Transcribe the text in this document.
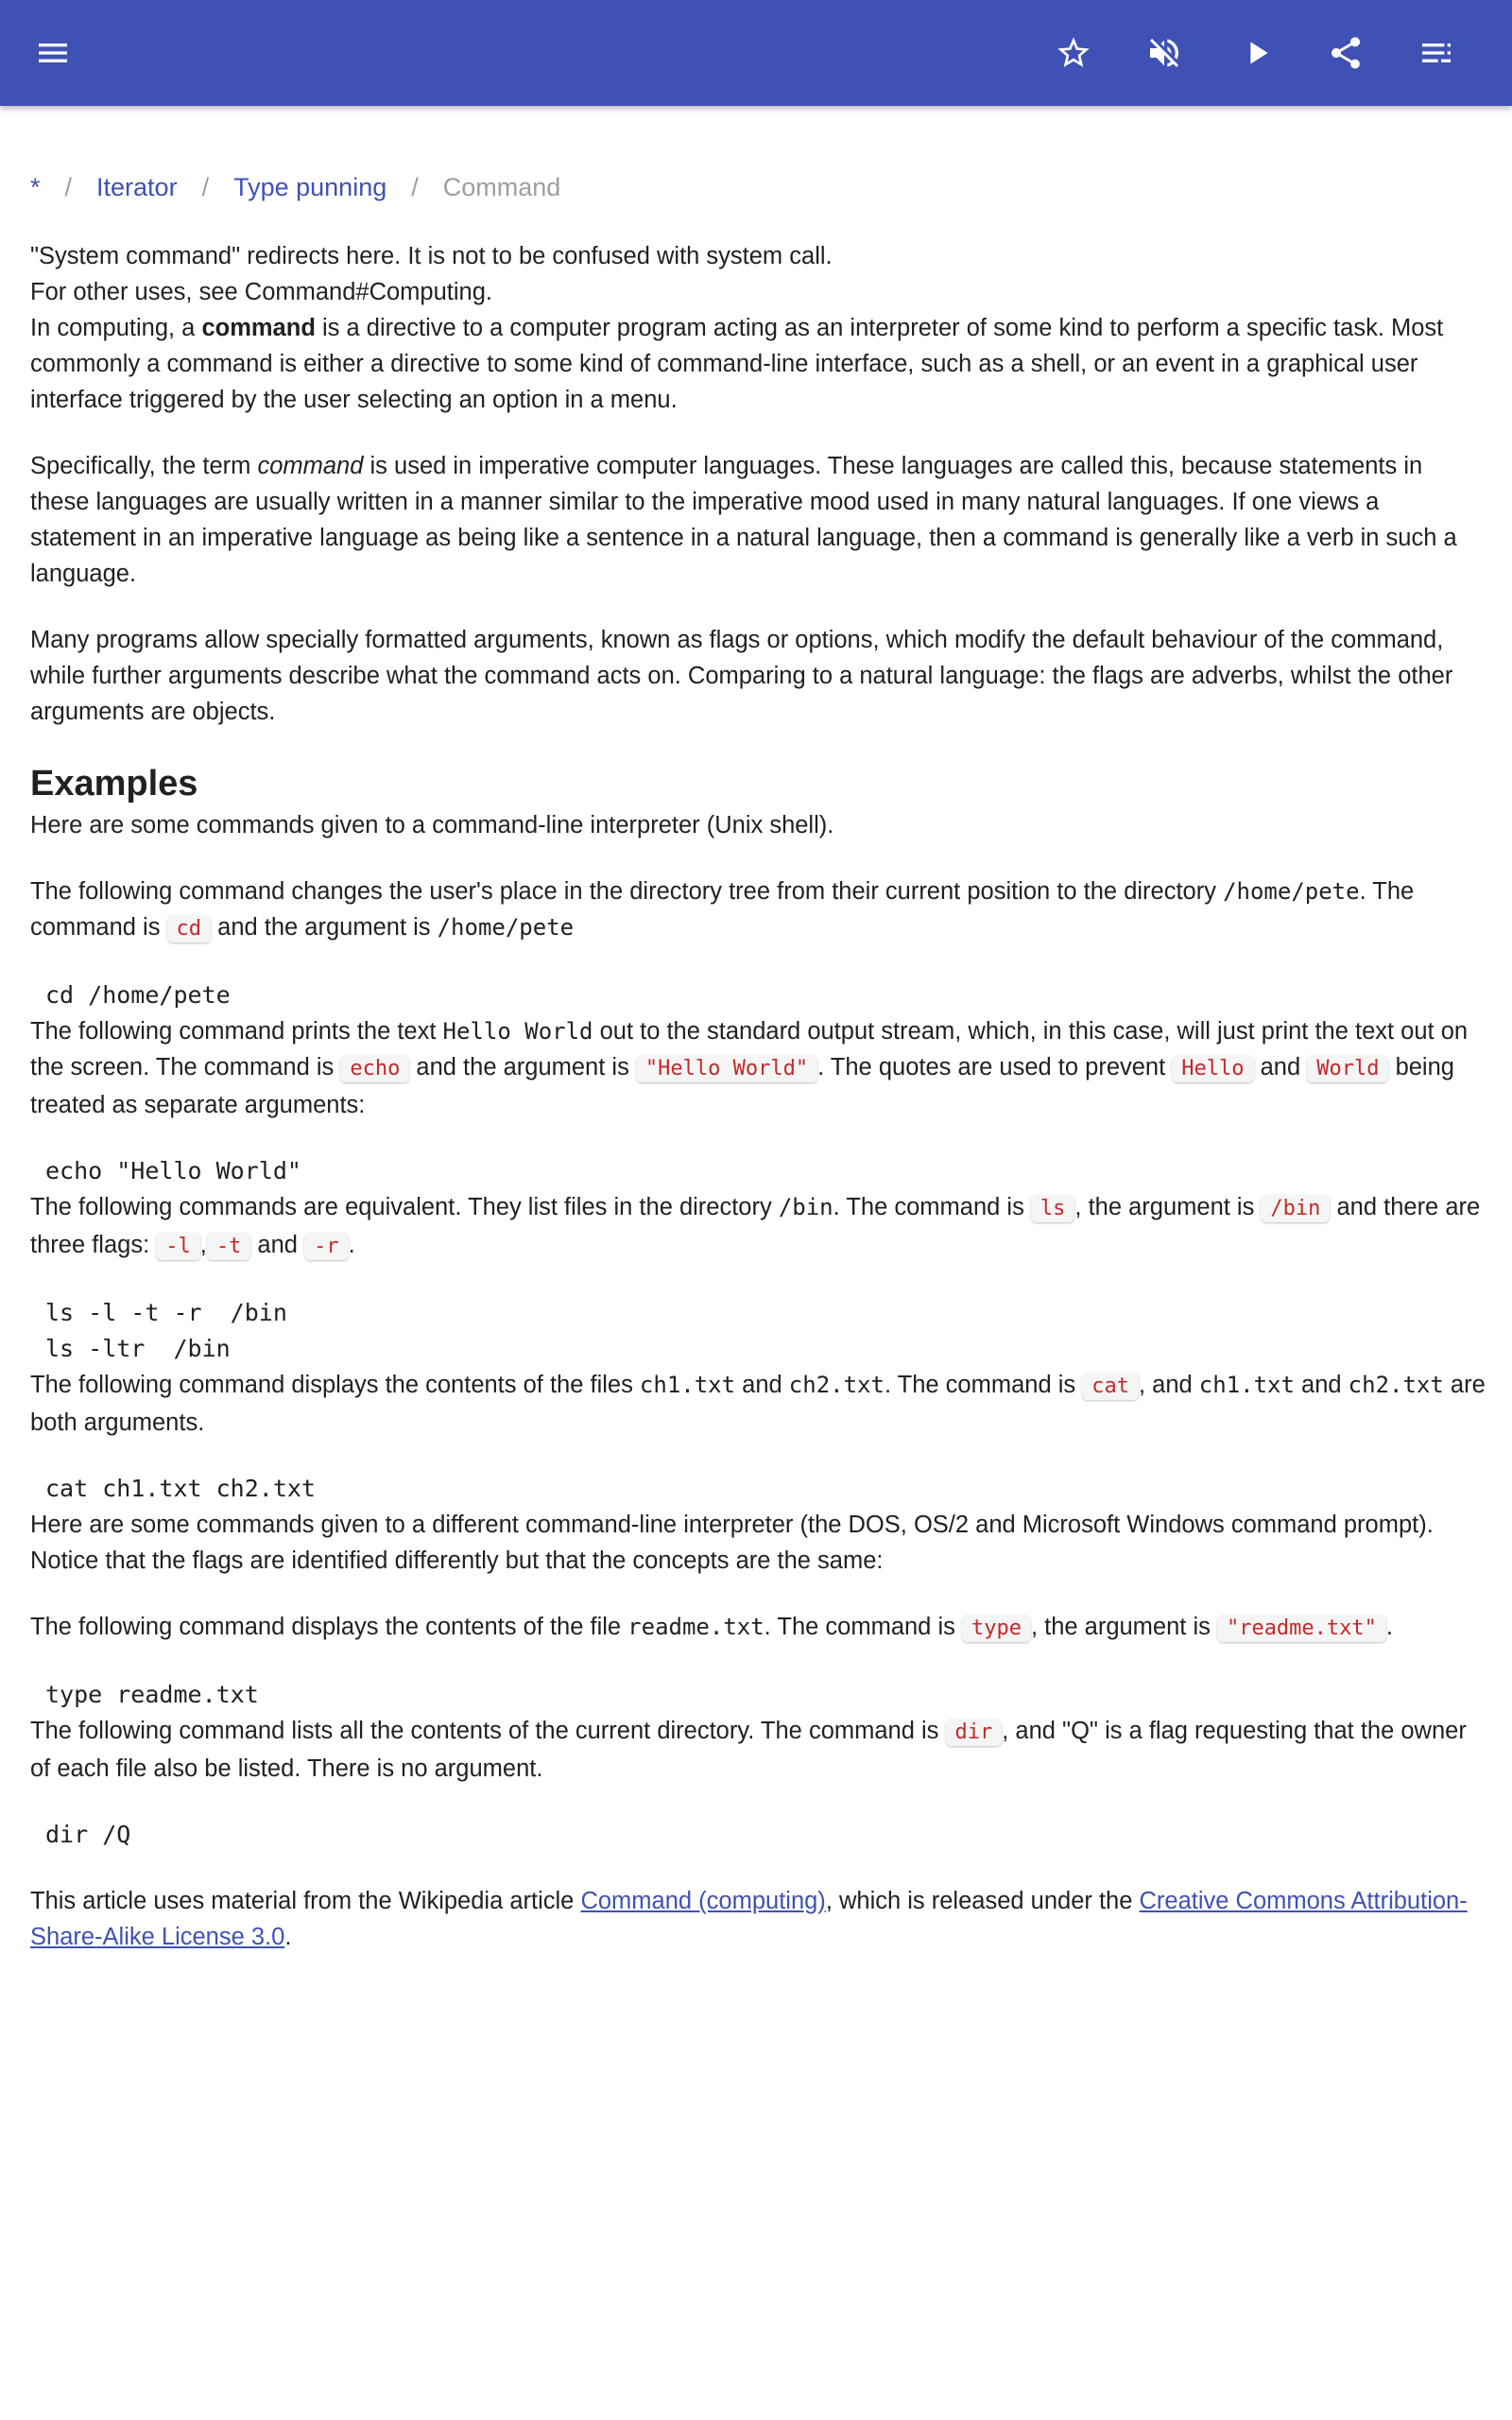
* / Iterator / Type punning / Command

"System command" redirects here. It is not to be confused with system call.
For other uses, see Command#Computing.
In computing, a command is a directive to a computer program acting as an interpreter of some kind to perform a specific task. Most commonly a command is either a directive to some kind of command-line interface, such as a shell, or an event in a graphical user interface triggered by the user selecting an option in a menu.

Specifically, the term command is used in imperative computer languages. These languages are called this, because statements in these languages are usually written in a manner similar to the imperative mood used in many natural languages. If one views a statement in an imperative language as being like a sentence in a natural language, then a command is generally like a verb in such a language.

Many programs allow specially formatted arguments, known as flags or options, which modify the default behaviour of the command, while further arguments describe what the command acts on. Comparing to a natural language: the flags are adverbs, whilst the other arguments are objects.

Examples

Here are some commands given to a command-line interpreter (Unix shell).

The following command changes the user's place in the directory tree from their current position to the directory /home/pete. The command is cd and the argument is /home/pete

cd /home/pete

The following command prints the text Hello World out to the standard output stream, which, in this case, will just print the text out on the screen. The command is echo and the argument is "Hello World" . The quotes are used to prevent Hello and World being treated as separate arguments:

echo "Hello World"

The following commands are equivalent. They list files in the directory /bin. The command is ls , the argument is /bin and there are three flags: -l , -t and -r .

ls -l -t -r  /bin
ls -ltr  /bin

The following command displays the contents of the files ch1.txt and ch2.txt. The command is cat , and ch1.txt and ch2.txt are both arguments.

cat ch1.txt ch2.txt

Here are some commands given to a different command-line interpreter (the DOS, OS/2 and Microsoft Windows command prompt). Notice that the flags are identified differently but that the concepts are the same:

The following command displays the contents of the file readme.txt. The command is type , the argument is "readme.txt" .

type readme.txt

The following command lists all the contents of the current directory. The command is dir , and "Q" is a flag requesting that the owner of each file also be listed. There is no argument.

dir /Q

This article uses material from the Wikipedia article Command (computing), which is released under the Creative Commons Attribution-Share-Alike License 3.0.
